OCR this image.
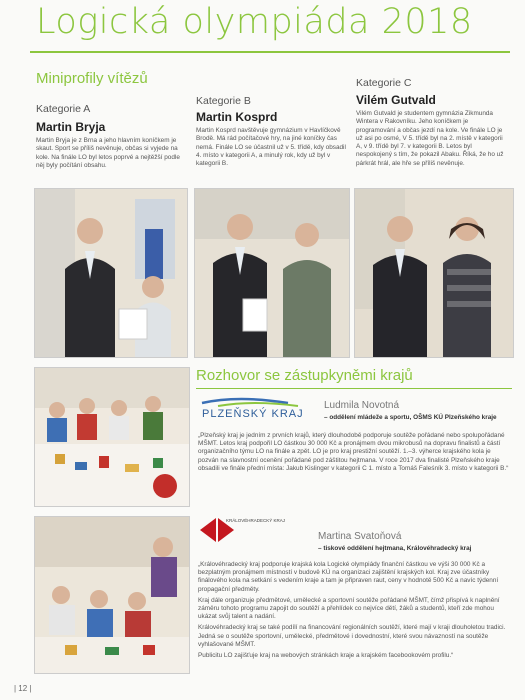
Logická olympiáda 2018
Miniprofily vítězů
Kategorie A
Martin Bryja
Martin Bryja je z Brna a jeho hlavním koníčkem je skaut. Sport se příliš nevěnuje, občas si vyjede na kole. Na finále LO byl letos poprvé a nejtěžší podle něj byly počítání obsahu.
Kategorie B
Martin Kosprd
Martin Kosprd navštěvuje gymnázium v Havlíčkově Brodě. Má rád počítačové hry, na jiné koníčky čas nemá. Finále LO se účastnil už v 5. třídě, kdy obsadil 4. místo v kategorii A, a minulý rok, kdy už byl v kategorii B.
Kategorie C
Vilém Gutvald
Vilém Gutvald je studentem gymnázia Zikmunda Wintera v Rakovníku. Jeho koníčkem je programování a občas jezdí na kole. Ve finále LO je už asi po osmé, V 5. třídě byl na 2. místě v kategorii A, v 9. třídě byl 7. v kategorii B. Letos byl nespokojený s tím, že pokazil Abaku. Říká, že ho už párkrát hrál, ale hře se příliš nevěnuje.
Rozhovor se zástupkyněmi krajů
PLZEŇSKÝ KRAJ
Ludmila Novotná
– oddělení mládeže a sportu, OŠMS KÚ Plzeňského kraje

„Plzeňský kraj je jedním z prvních krajů, který dlouhodobě podporuje soutěže pořádané nebo spolupořádané MŠMT. Letos kraj podpořil LO částkou 30 000 Kč a pronájmem dvou mikrobusů na dopravu finalistů a částí organizačního týmu LO na finále a zpět. LO je pro kraj prestižní soutěží. 1.–3. výherce krajského kola je pozván na slavnostní ocenění pořádané pod záštitou hejtmana. V roce 2017 dva finalisté Plzeňského kraje obsadili ve finále přední místa: Jakub Kislinger v kategorii C 1. místo a Tomáš Faleśník 3. místo v kategorii B.“

KRÁLOVÉHRADECKÝ KRAJ
Martina Svatoňová
– tiskové oddělení hejtmana, Královéhradecký kraj

„Královéhradecký kraj podporuje krajská kola Logické olympiády finanční částkou ve výši 30 000 Kč a bezplatným pronájmem místností v budově KÚ na organizaci zajištění krajských kol. Kraj zve účastníky finálového kola na setkání s vedením kraje a tam je připraven raut, ceny v hodnotě 500 Kč a navíc týdenní propagační předměty.

Kraj dále organizuje předmětové, umělecké a sportovní soutěže pořádané MŠMT, čímž přispívá k naplnění záměru tohoto programu zapojit do soutěží a přehlídek co nejvíce dětí, žáků a studentů, kteří zde mohou ukázat svůj talent a nadání.

Královéhradecký kraj se také podílí na financování regionálních soutěží, které mají v kraji dlouholetou tradici. Jedná se o soutěže sportovní, umělecké, předmětové i dovednostní, které svou návazností na soutěže vyhlašované MŠMT.

Publicitu LO zajišťuje kraj na webových stránkách kraje a krajském facebookovém profilu.“

| 12 |
